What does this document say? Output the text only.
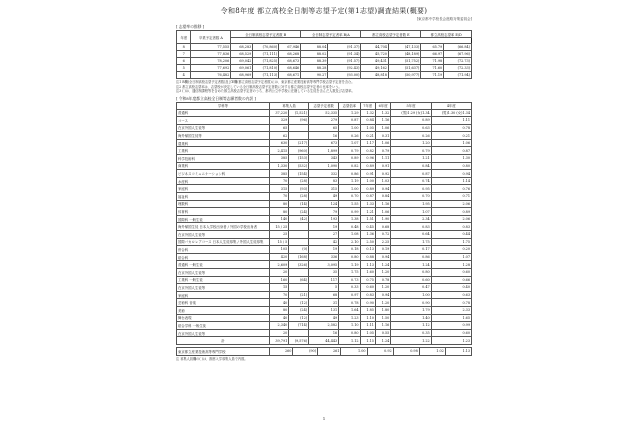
令和8年度 都立高校全日制等志望予定(第1志望)調査結果(概要)
[東京都中学校長会進路対策委員会]
[ 志望率の推移 ]
年度	卒業予定者数 A	全日制高校志望予定者数 B			全日制志望予定者率 B/A		都立高校志望予定者数 E		都立高校志望率 E/D	

8	77,555	68,283	(70,860)	67,946	88.04	(91.37)	44,704	(47,133)	65.79	(66.84)
7	77,836	68,529	(71,111)	68,268	88.02	(91.34)	45,720	(48,189)	66.97	(67.96)
6	78,206	69,042	(71,825)	68,673	88.39	(91.57)	49,431	(51,752)	71.98	(72.73)
5	77,692	69,061	(71,810)	68,646	88.28	(92.43)	49,162	(51,637)	71.60	(72.33)
4	76,482	68,969	(71,113)	68,671	90.27	(93.00)	48,818	(50,977)	71.19	(71.94)
注1 B欄(全日制高校志望予定者数)及びE欄(都立高校志望予定者数)には、東京都立産業技術高等専門学校志望予定者を含む。
注2 都立高校志望率は、志望校が決定している全日制高校志望予定者数に対する都立高校志望予定者の比率をいう。
注3 ( )は、通信制課程等を含めた都立高校志望予定者のうち、都内公立中学校に在籍している生徒を含んだ人数及び志望率。
[ 令和8年度都立高校全日制等志願者数の内訳 ]
学科等	募集人員		志望予定者数	志望倍率	7年度	6年度	5年度	4年度
普通科	37,220	(1,521)	52,335	1.29	1.32	1.32	(男)1.29 (女)1.34	(男)1.30 (女)1.34
コース	329	(96)	279	0.87	0.84	1.16	0.89	1.11
在京外国人生徒等	65		65	1.00	1.05	1.06	0.63	0.78
海外帰国生徒等	62		16	0.26	0.21	0.31	0.26	0.21
農業科	630	(217)	673	1.07	1.17	1.06	1.20	1.06
工業科	2,415	(960)	1,899	0.79	0.82	0.79	0.79	0.87
科学技術科	385	(153)	343	0.89	0.96	1.11	1.21	1.30
商業科	1,330	(532)	1,090	0.82	0.89	0.91	0.84	0.80
ビジネスコミュニケーション科	385	(154)	332	0.86	0.91	0.92	0.87	0.94
水産科	70	(28)	83	1.19	1.00	1.03	0.74	1.14
家庭科	315	(93)	315	1.00	0.89	0.94	0.95	0.76
福祉科	70	(28)	49	0.70	0.87	0.84	0.70	0.71
理数科	80	(14)	124	1.55	1.33	1.16	1.95	2.06
体育科	80	(24)	79	0.99	1.21	1.06	1.07	0.89
国際科 一般生徒	140	(42)	193	1.38	1.51	1.90	2.34	2.06
海外帰国生徒 日本人学校出身者 / 外国の学校出身者	15 / 25		19	0.48	0.45	0.68	0.83	0.83
在京外国人生徒等	25		27	1.08	1.36	0.72	0.64	0.44
国際バカロレアコース 日本人生徒募集 / 外国人生徒募集	15 / 5		42	2.10	2.50	2.25	1.75	1.75
併合科	105	(0)	19	0.18	0.13	0.19	0.17	0.20
総合科	420	(168)	336	0.80	0.88	0.94	0.86	1.07
普通科 一般生徒	2,609	(326)	3,095	1.19	1.13	1.24	1.24	1.28
在京外国人生徒等	20		35	1.75	1.60	1.20	0.80	0.60
工業科 一般生徒	160	(64)	117	0.73	0.75	0.78	0.60	0.66
在京外国人生徒等	15		5	0.33	0.60	1.20	0.47	0.40
家庭科	70	(21)	68	0.97	0.83	0.94	1.00	0.63
芸術科 音楽	40	(12)	31	0.78	0.90	1.20	0.90	0.78
美術	80	(24)	131	1.64	1.85	1.80	1.79	2.33
舞台表現	40	(12)	49	1.23	1.10	1.50	1.40	1.65
総合学科 一般生徒	2,340	(714)	2,582	1.10	1.11	1.16	1.12	0.99
在京外国人生徒等	20		16	0.80	1.05	0.55	0.35	0.60
計	39,791	(9,576)	44,443	1.12	1.15	1.24	1.22	1.23
東京都立産業技術高等専門学校	260	(90)	261	1.00	0.92	0.98	1.02	1.13
注 募集人員欄の( )は、推薦入学募集人員で内数。
1
